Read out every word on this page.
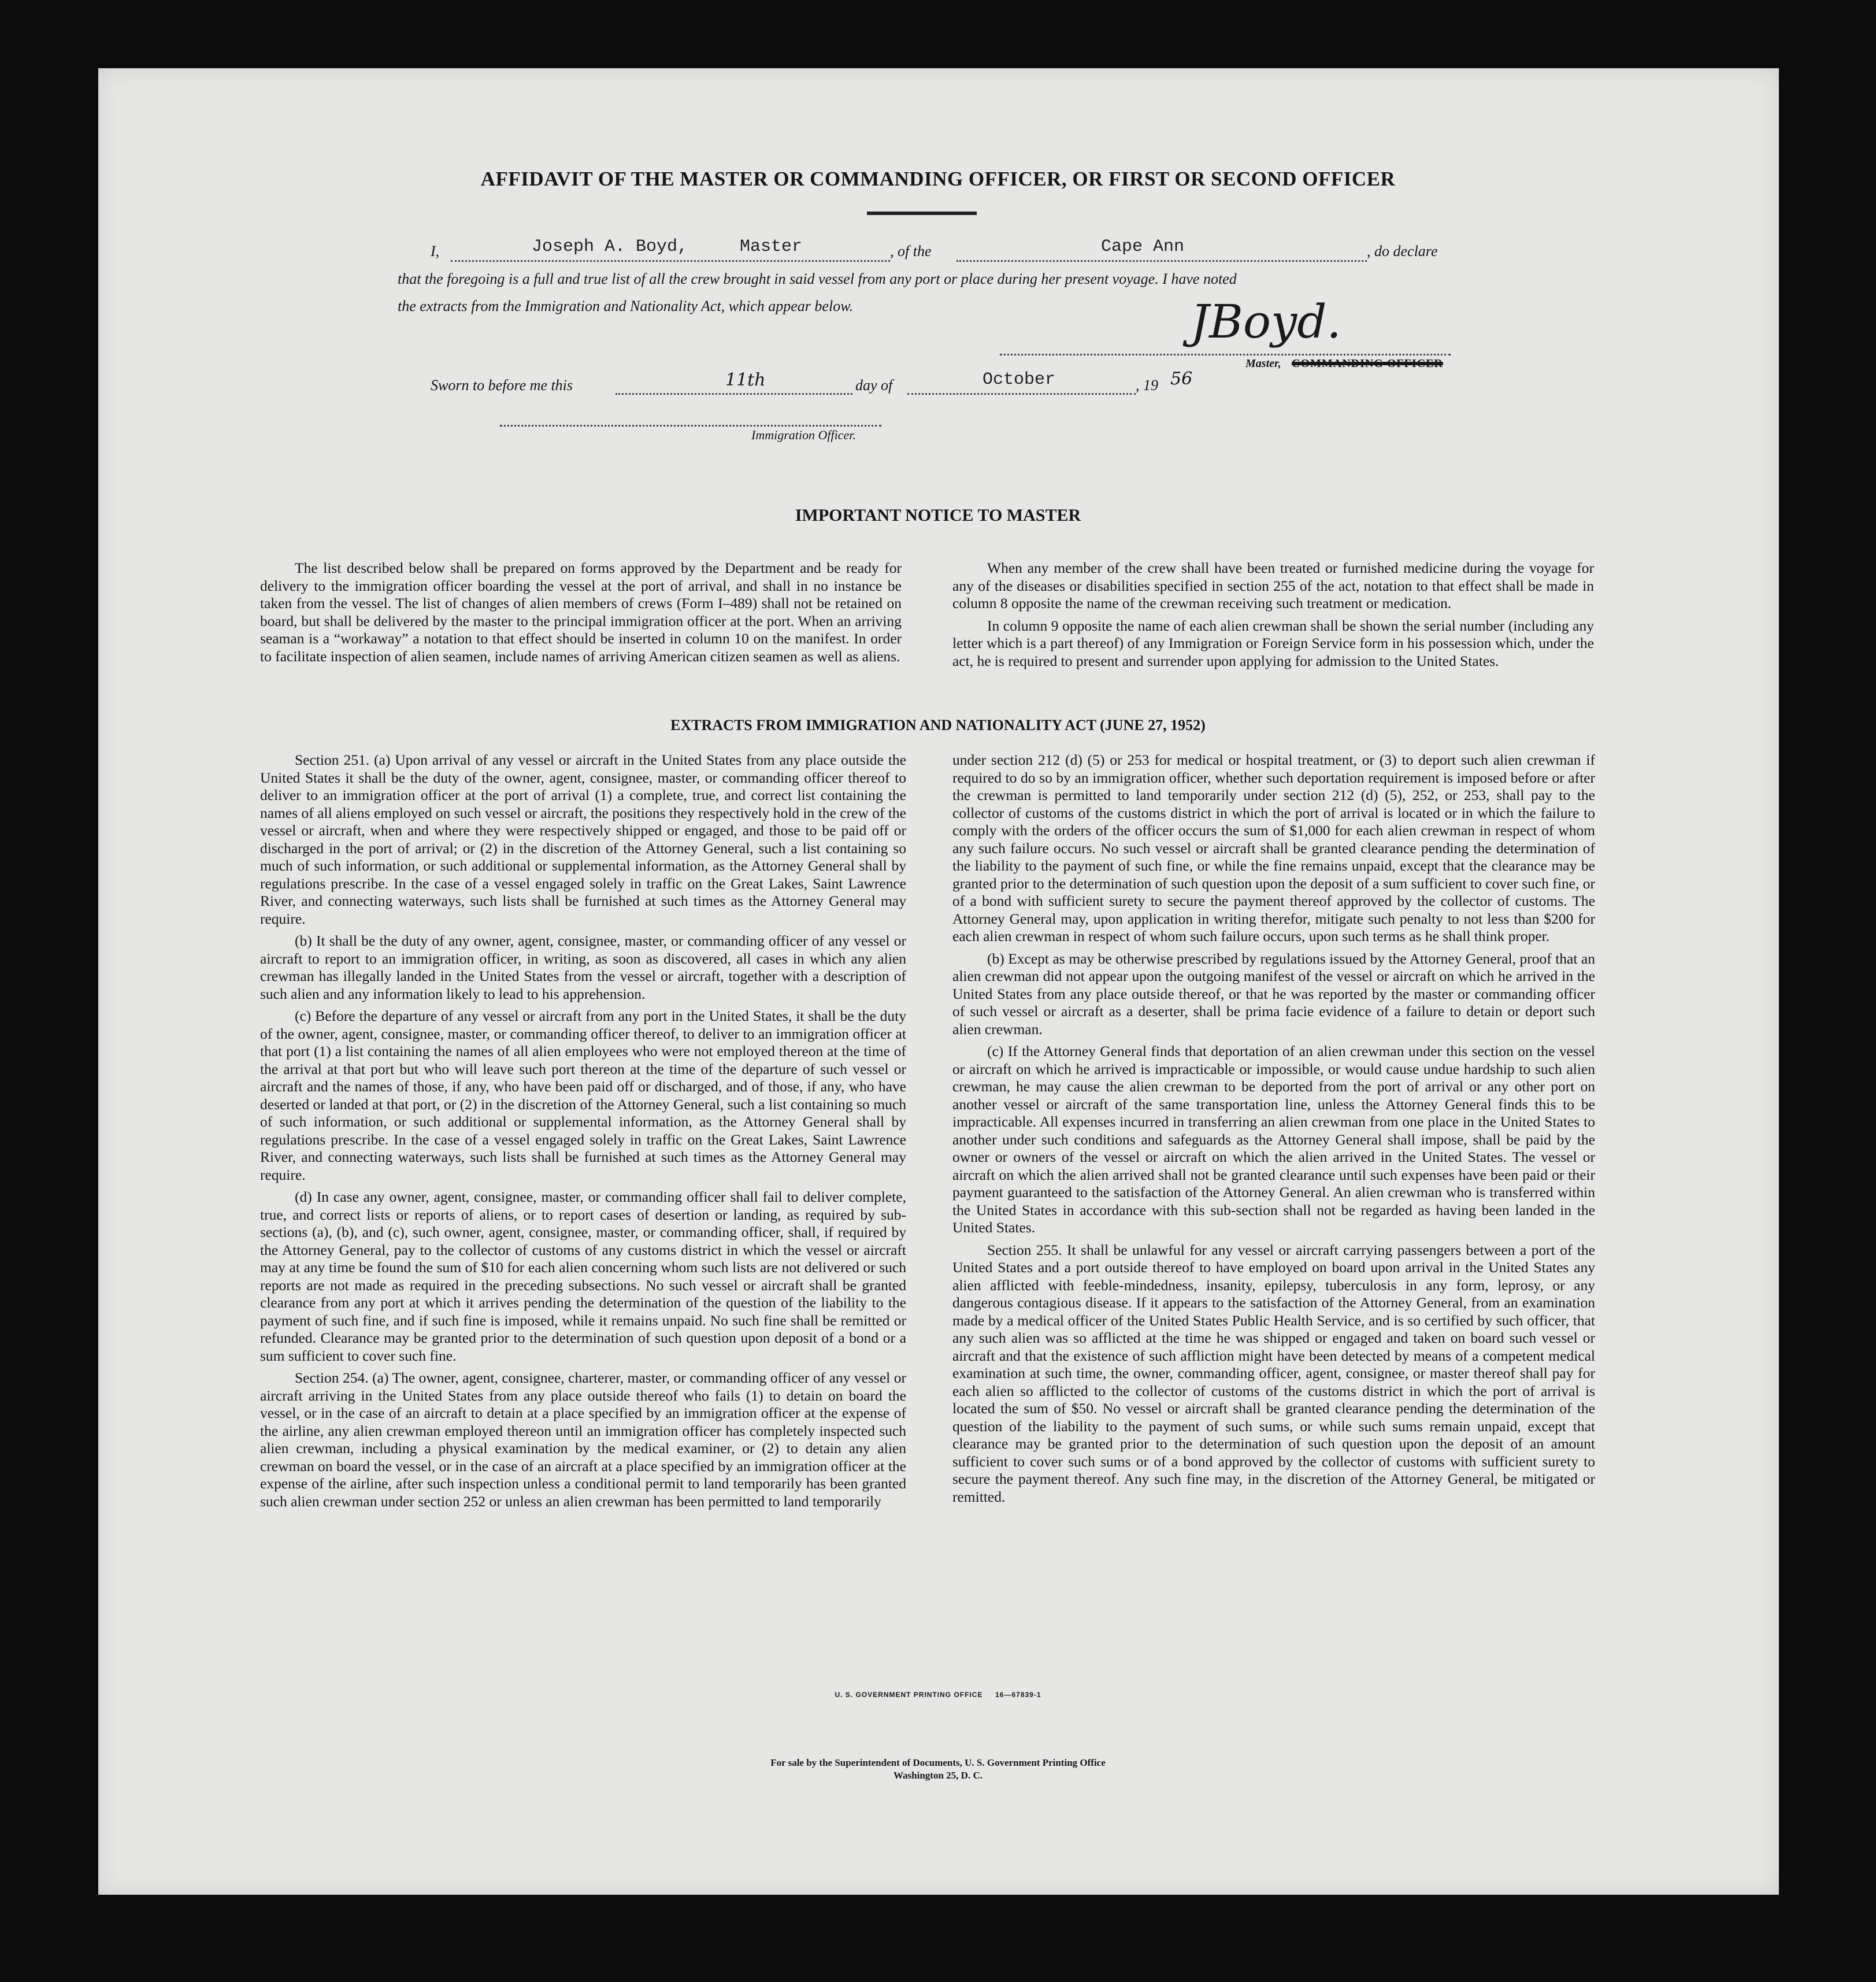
AFFIDAVIT OF THE MASTER OR COMMANDING OFFICER, OR FIRST OR SECOND OFFICER
I,	Joseph A. Boyd,	Master	, of the	Cape Ann	, do declare
that the foregoing is a full and true list of all the crew brought in said vessel from any port or place during her present voyage. I have noted
the extracts from the Immigration and Nationality Act, which appear below.	JBoyd.
Master, COMMANDING OFFICER
Sworn to before me this	11th	day of	October	, 19 56
Immigration Officer.
IMPORTANT NOTICE TO MASTER

The list described below shall be prepared on forms approved by the Department and be ready for delivery to the immigration officer boarding the vessel at the port of arrival, and shall in no instance be taken from the vessel. The list of changes of alien members of crews (Form I–489) shall not be retained on board, but shall be delivered by the master to the principal immigration officer at the port. When an arriving seaman is a “workaway” a notation to that effect should be inserted in column 10 on the manifest. In order to facilitate inspection of alien seamen, include names of arriving American citizen seamen as well as aliens.

When any member of the crew shall have been treated or furnished medicine during the voyage for any of the diseases or disabilities specified in section 255 of the act, notation to that effect shall be made in column 8 opposite the name of the crewman receiving such treatment or medication.

In column 9 opposite the name of each alien crewman shall be shown the serial number (including any letter which is a part thereof) of any Immigration or Foreign Service form in his possession which, under the act, he is required to present and surrender upon applying for admission to the United States.

EXTRACTS FROM IMMIGRATION AND NATIONALITY ACT (JUNE 27, 1952)

Section 251. (a) Upon arrival of any vessel or aircraft in the United States from any place outside the United States it shall be the duty of the owner, agent, consignee, master, or commanding officer thereof to deliver to an immigration officer at the port of arrival (1) a complete, true, and correct list containing the names of all aliens employed on such vessel or aircraft, the positions they respectively hold in the crew of the vessel or aircraft, when and where they were respectively shipped or engaged, and those to be paid off or discharged in the port of arrival; or (2) in the discretion of the Attorney General, such a list containing so much of such information, or such additional or supplemental information, as the Attorney General shall by regulations prescribe. In the case of a vessel engaged solely in traffic on the Great Lakes, Saint Lawrence River, and connecting waterways, such lists shall be furnished at such times as the Attorney General may require.

(b) It shall be the duty of any owner, agent, consignee, master, or commanding officer of any vessel or aircraft to report to an immigration officer, in writing, as soon as discovered, all cases in which any alien crewman has illegally landed in the United States from the vessel or aircraft, together with a description of such alien and any information likely to lead to his apprehension.

(c) Before the departure of any vessel or aircraft from any port in the United States, it shall be the duty of the owner, agent, consignee, master, or commanding officer thereof, to deliver to an immigration officer at that port (1) a list containing the names of all alien employees who were not employed thereon at the time of the arrival at that port but who will leave such port thereon at the time of the departure of such vessel or aircraft and the names of those, if any, who have been paid off or discharged, and of those, if any, who have deserted or landed at that port, or (2) in the discretion of the Attorney General, such a list containing so much of such information, or such additional or supplemental information, as the Attorney General shall by regulations prescribe. In the case of a vessel engaged solely in traffic on the Great Lakes, Saint Lawrence River, and connecting waterways, such lists shall be furnished at such times as the Attorney General may require.

(d) In case any owner, agent, consignee, master, or commanding officer shall fail to deliver complete, true, and correct lists or reports of aliens, or to report cases of desertion or landing, as required by sub-sections (a), (b), and (c), such owner, agent, consignee, master, or commanding officer, shall, if required by the Attorney General, pay to the collector of customs of any customs district in which the vessel or aircraft may at any time be found the sum of $10 for each alien concerning whom such lists are not delivered or such reports are not made as required in the preceding subsections. No such vessel or aircraft shall be granted clearance from any port at which it arrives pending the determination of the question of the liability to the payment of such fine, and if such fine is imposed, while it remains unpaid. No such fine shall be remitted or refunded. Clearance may be granted prior to the determination of such question upon deposit of a bond or a sum sufficient to cover such fine.

Section 254. (a) The owner, agent, consignee, charterer, master, or commanding officer of any vessel or aircraft arriving in the United States from any place outside thereof who fails (1) to detain on board the vessel, or in the case of an aircraft to detain at a place specified by an immigration officer at the expense of the airline, any alien crewman employed thereon until an immigration officer has completely inspected such alien crewman, including a physical examination by the medical examiner, or (2) to detain any alien crewman on board the vessel, or in the case of an aircraft at a place specified by an immigration officer at the expense of the airline, after such inspection unless a conditional permit to land temporarily has been granted such alien crewman under section 252 or unless an alien crewman has been permitted to land temporarily

under section 212 (d) (5) or 253 for medical or hospital treatment, or (3) to deport such alien crewman if required to do so by an immigration officer, whether such deportation requirement is imposed before or after the crewman is permitted to land temporarily under section 212 (d) (5), 252, or 253, shall pay to the collector of customs of the customs district in which the port of arrival is located or in which the failure to comply with the orders of the officer occurs the sum of $1,000 for each alien crewman in respect of whom any such failure occurs. No such vessel or aircraft shall be granted clearance pending the determination of the liability to the payment of such fine, or while the fine remains unpaid, except that the clearance may be granted prior to the determination of such question upon the deposit of a sum sufficient to cover such fine, or of a bond with sufficient surety to secure the payment thereof approved by the collector of customs. The Attorney General may, upon application in writing therefor, mitigate such penalty to not less than $200 for each alien crewman in respect of whom such failure occurs, upon such terms as he shall think proper.

(b) Except as may be otherwise prescribed by regulations issued by the Attorney General, proof that an alien crewman did not appear upon the outgoing manifest of the vessel or aircraft on which he arrived in the United States from any place outside thereof, or that he was reported by the master or commanding officer of such vessel or aircraft as a deserter, shall be prima facie evidence of a failure to detain or deport such alien crewman.

(c) If the Attorney General finds that deportation of an alien crewman under this section on the vessel or aircraft on which he arrived is impracticable or impossible, or would cause undue hardship to such alien crewman, he may cause the alien crewman to be deported from the port of arrival or any other port on another vessel or aircraft of the same transportation line, unless the Attorney General finds this to be impracticable. All expenses incurred in transferring an alien crewman from one place in the United States to another under such conditions and safeguards as the Attorney General shall impose, shall be paid by the owner or owners of the vessel or aircraft on which the alien arrived in the United States. The vessel or aircraft on which the alien arrived shall not be granted clearance until such expenses have been paid or their payment guaranteed to the satisfaction of the Attorney General. An alien crewman who is transferred within the United States in accordance with this sub-section shall not be regarded as having been landed in the United States.

Section 255. It shall be unlawful for any vessel or aircraft carrying passengers between a port of the United States and a port outside thereof to have employed on board upon arrival in the United States any alien afflicted with feeble-mindedness, insanity, epilepsy, tuberculosis in any form, leprosy, or any dangerous contagious disease. If it appears to the satisfaction of the Attorney General, from an examination made by a medical officer of the United States Public Health Service, and is so certified by such officer, that any such alien was so afflicted at the time he was shipped or engaged and taken on board such vessel or aircraft and that the existence of such affliction might have been detected by means of a competent medical examination at such time, the owner, commanding officer, agent, consignee, or master thereof shall pay for each alien so afflicted to the collector of customs of the customs district in which the port of arrival is located the sum of $50. No vessel or aircraft shall be granted clearance pending the determination of the question of the liability to the payment of such sums, or while such sums remain unpaid, except that clearance may be granted prior to the determination of such question upon the deposit of an amount sufficient to cover such sums or of a bond approved by the collector of customs with sufficient surety to secure the payment thereof. Any such fine may, in the discretion of the Attorney General, be mitigated or remitted.

U. S. GOVERNMENT PRINTING OFFICE     16—67839-1
For sale by the Superintendent of Documents, U. S. Government Printing Office
Washington 25, D. C.
